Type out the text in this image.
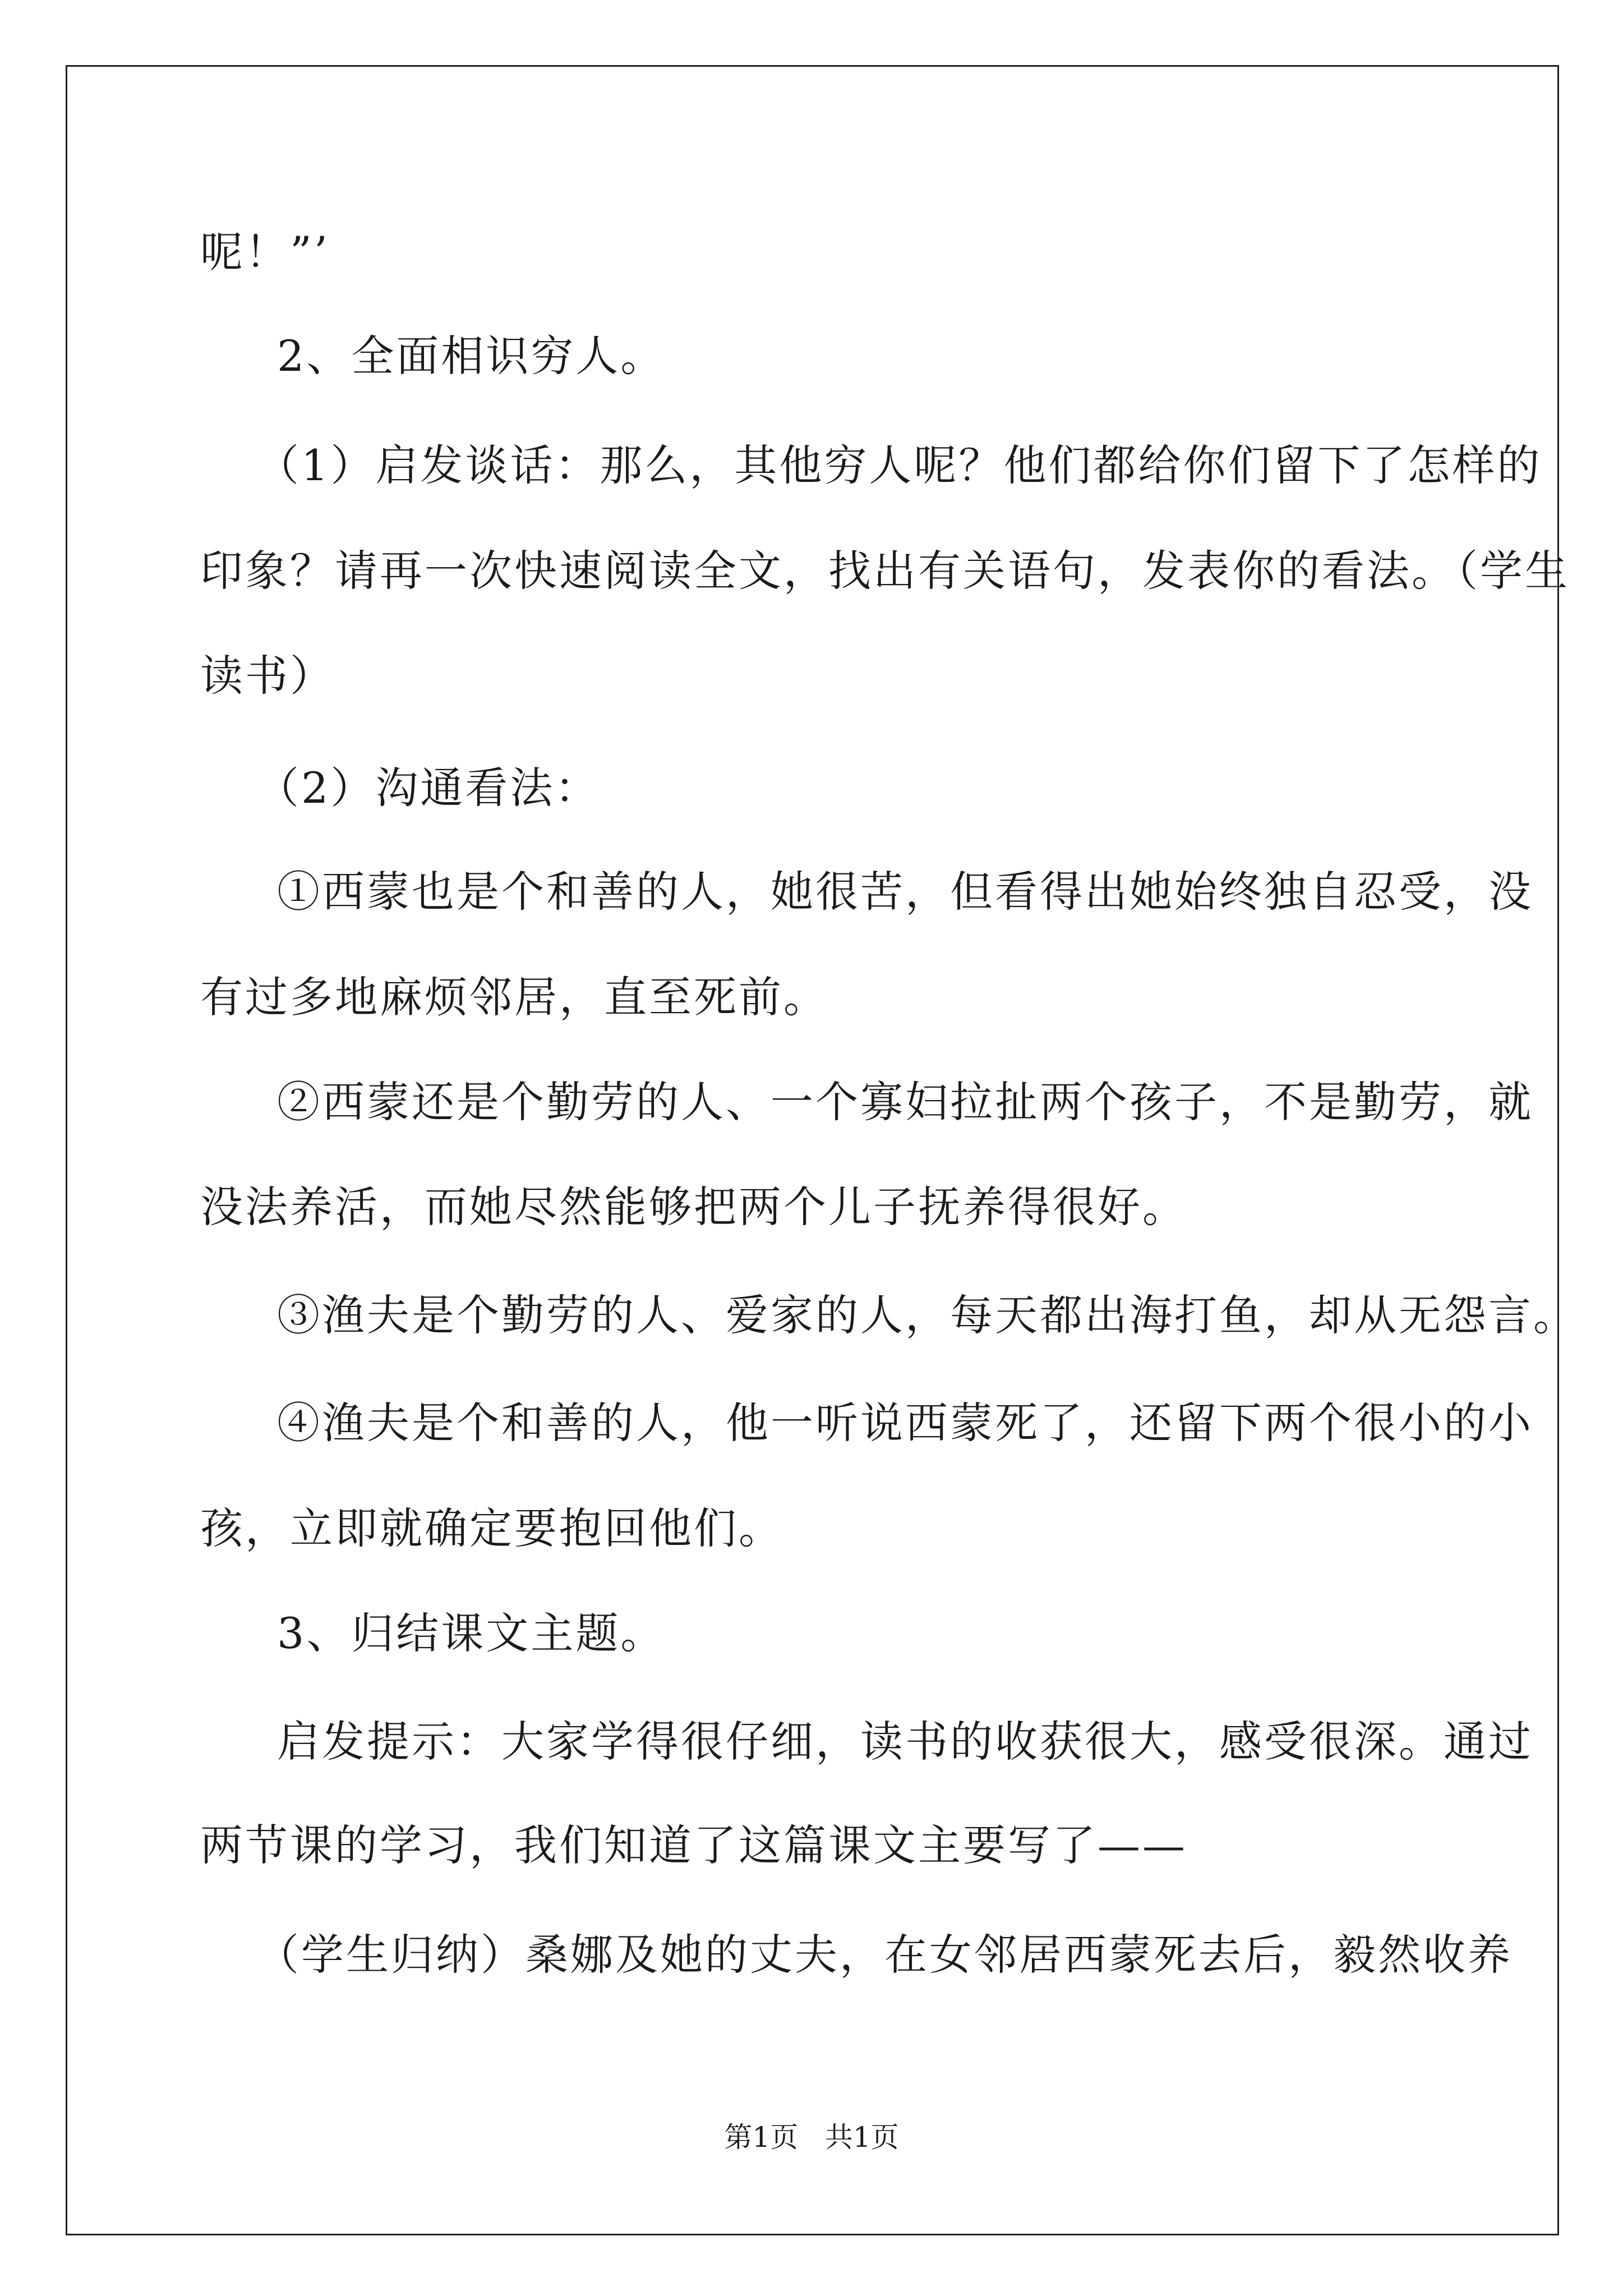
呢！”’
2、全面相识穷人。
（1）启发谈话：那么，其他穷人呢？他们都给你们留下了怎样的
印象？请再一次快速阅读全文，找出有关语句，发表你的看法。（学生
读书）
（2）沟通看法：
①西蒙也是个和善的人，她很苦，但看得出她始终独自忍受，没
有过多地麻烦邻居，直至死前。
②西蒙还是个勤劳的人、一个寡妇拉扯两个孩子，不是勤劳，就
没法养活，而她尽然能够把两个儿子抚养得很好。
③渔夫是个勤劳的人、爱家的人，每天都出海打鱼，却从无怨言。
④渔夫是个和善的人，他一听说西蒙死了，还留下两个很小的小
孩，立即就确定要抱回他们。
3、归结课文主题。
启发提示：大家学得很仔细，读书的收获很大，感受很深。通过
两节课的学习，我们知道了这篇课文主要写了——
（学生归纳）桑娜及她的丈夫，在女邻居西蒙死去后，毅然收养
第1页   共1页
